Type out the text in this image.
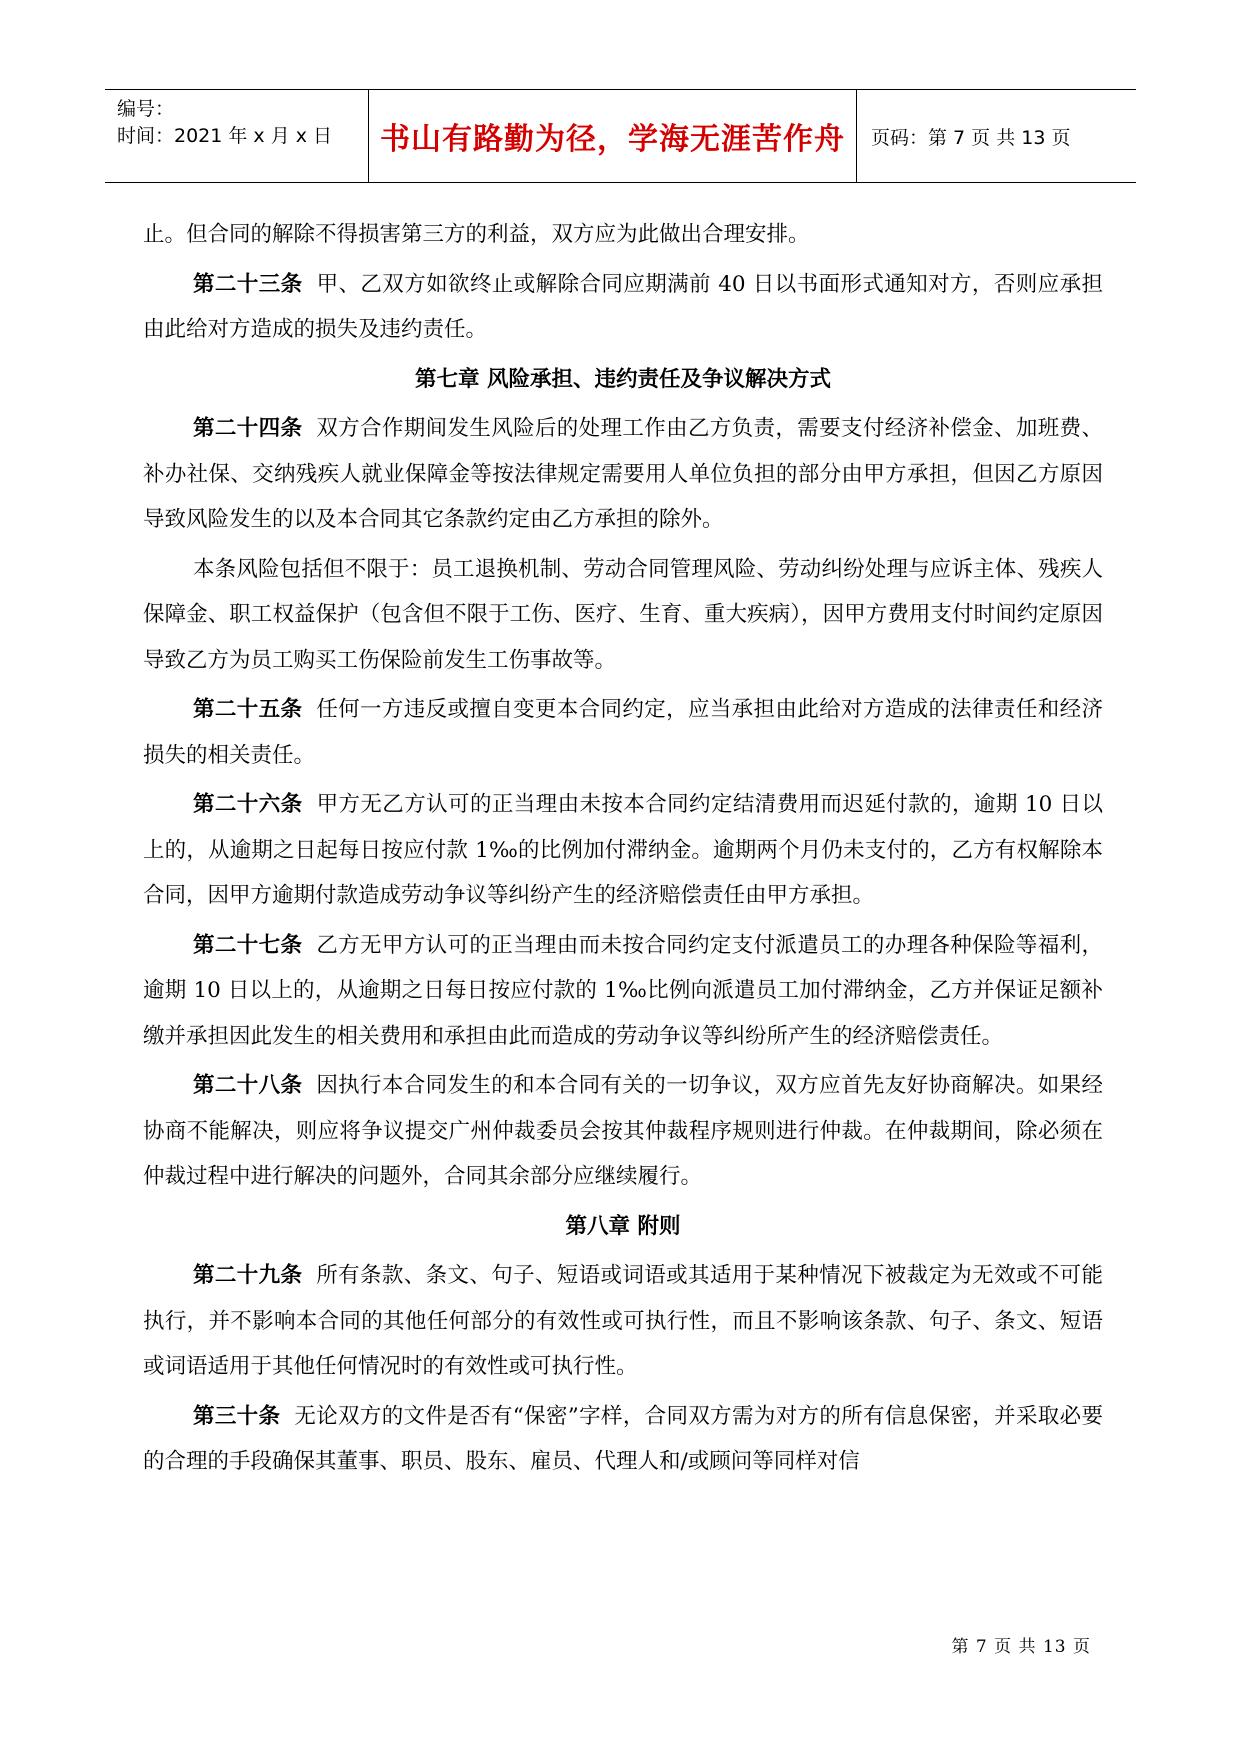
编号：
时间：2021 年 x 月 x 日	书山有路勤为径，学海无涯苦作舟	页码：第 7 页 共 13 页

止。但合同的解除不得损害第三方的利益，双方应为此做出合理安排。

第二十三条 甲、乙双方如欲终止或解除合同应期满前 40 日以书面形式通知对方，否则应承担由此给对方造成的损失及违约责任。

第七章 风险承担、违约责任及争议解决方式

第二十四条 双方合作期间发生风险后的处理工作由乙方负责，需要支付经济补偿金、加班费、补办社保、交纳残疾人就业保障金等按法律规定需要用人单位负担的部分由甲方承担，但因乙方原因导致风险发生的以及本合同其它条款约定由乙方承担的除外。

本条风险包括但不限于：员工退换机制、劳动合同管理风险、劳动纠纷处理与应诉主体、残疾人保障金、职工权益保护（包含但不限于工伤、医疗、生育、重大疾病），因甲方费用支付时间约定原因导致乙方为员工购买工伤保险前发生工伤事故等。

第二十五条 任何一方违反或擅自变更本合同约定，应当承担由此给对方造成的法律责任和经济损失的相关责任。

第二十六条 甲方无乙方认可的正当理由未按本合同约定结清费用而迟延付款的，逾期 10 日以上的，从逾期之日起每日按应付款 1‰的比例加付滞纳金。逾期两个月仍未支付的，乙方有权解除本合同，因甲方逾期付款造成劳动争议等纠纷产生的经济赔偿责任由甲方承担。

第二十七条 乙方无甲方认可的正当理由而未按合同约定支付派遣员工的办理各种保险等福利，逾期 10 日以上的，从逾期之日每日按应付款的 1‰比例向派遣员工加付滞纳金，乙方并保证足额补缴并承担因此发生的相关费用和承担由此而造成的劳动争议等纠纷所产生的经济赔偿责任。

第二十八条 因执行本合同发生的和本合同有关的一切争议，双方应首先友好协商解决。如果经协商不能解决，则应将争议提交广州仲裁委员会按其仲裁程序规则进行仲裁。在仲裁期间，除必须在仲裁过程中进行解决的问题外，合同其余部分应继续履行。

第八章 附则

第二十九条 所有条款、条文、句子、短语或词语或其适用于某种情况下被裁定为无效或不可能执行，并不影响本合同的其他任何部分的有效性或可执行性，而且不影响该条款、句子、条文、短语或词语适用于其他任何情况时的有效性或可执行性。

第三十条 无论双方的文件是否有“保密”字样，合同双方需为对方的所有信息保密，并采取必要的合理的手段确保其董事、职员、股东、雇员、代理人和/或顾问等同样对信

第 7 页 共 13 页
